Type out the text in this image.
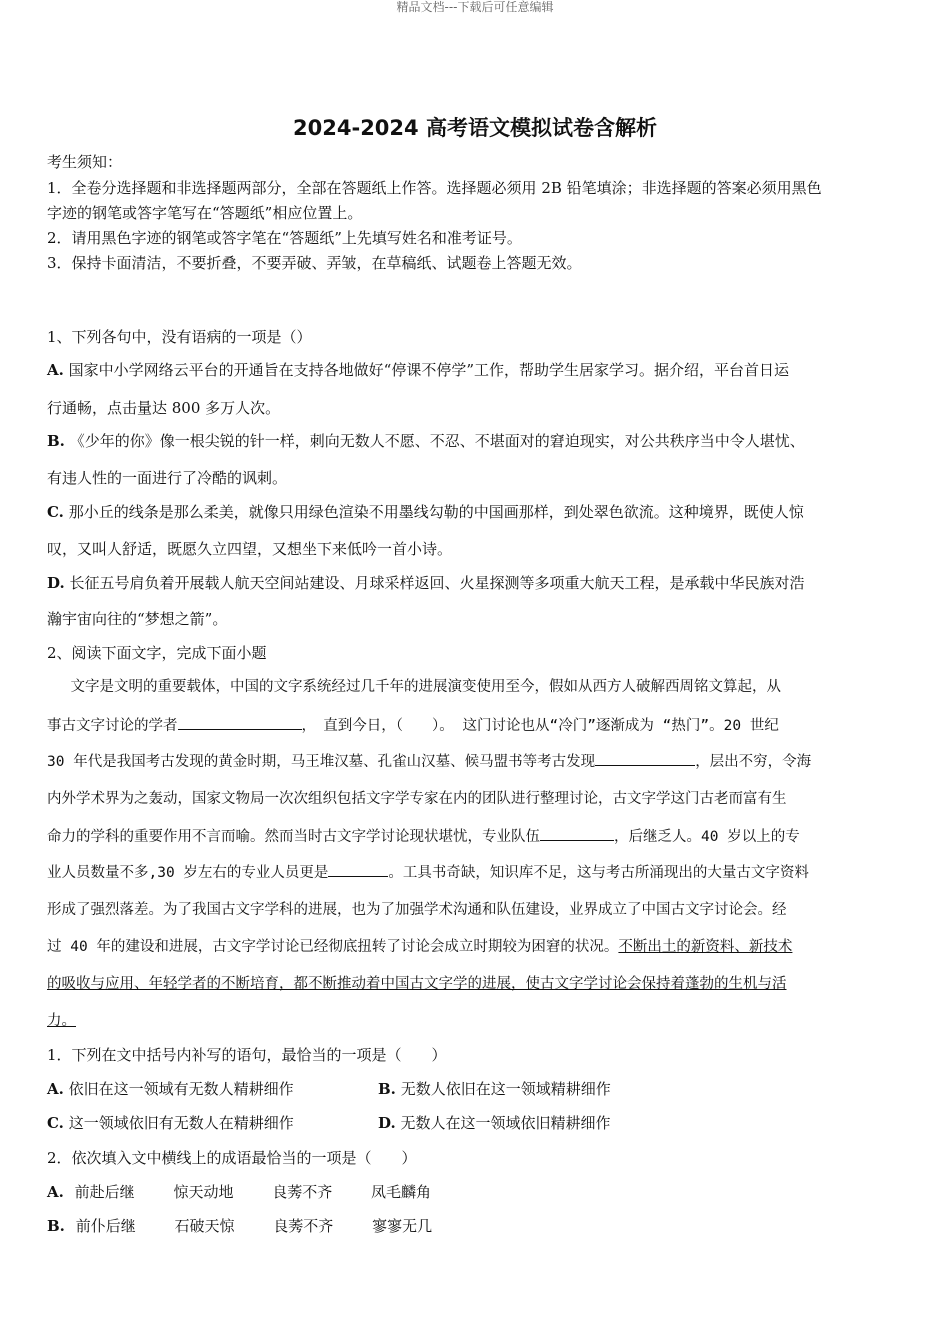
精品文档---下载后可任意编辑
2024-2024 高考语文模拟试卷含解析
考生须知：
1．全卷分选择题和非选择题两部分，全部在答题纸上作答。选择题必须用 2B 铅笔填涂；非选择题的答案必须用黑色
字迹的钢笔或答字笔写在“答题纸”相应位置上。
2．请用黑色字迹的钢笔或答字笔在“答题纸”上先填写姓名和准考证号。
3．保持卡面清洁，不要折叠，不要弄破、弄皱，在草稿纸、试题卷上答题无效。
1、下列各句中，没有语病的一项是（）
A. 国家中小学网络云平台的开通旨在支持各地做好“停课不停学”工作，帮助学生居家学习。据介绍，平台首日运
行通畅，点击量达 800 多万人次。
B. 《少年的你》像一根尖锐的针一样，刺向无数人不愿、不忍、不堪面对的窘迫现实，对公共秩序当中令人堪忧、
有违人性的一面进行了冷酷的讽刺。
C. 那小丘的线条是那么柔美，就像只用绿色渲染不用墨线勾勒的中国画那样，到处翠色欲流。这种境界，既使人惊
叹，又叫人舒适，既愿久立四望，又想坐下来低吟一首小诗。
D. 长征五号肩负着开展载人航天空间站建设、月球采样返回、火星探测等多项重大航天工程，是承载中华民族对浩
瀚宇宙向往的“梦想之箭”。
2、阅读下面文字，完成下面小题
　文字是文明的重要载体，中国的文字系统经过几千年的进展演变使用至今，假如从西方人破解西周铭文算起，从
事古文字讨论的学者	，　直到今日，（　　）。 这门讨论也从“冷门”逐渐成为 “热门”。20 世纪
30 年代是我国考古发现的黄金时期，马王堆汉墓、孔雀山汉墓、候马盟书等考古发现	，层出不穷，令海
内外学术界为之轰动，国家文物局一次次组织包括文字学专家在内的团队进行整理讨论，古文字学这门古老而富有生
命力的学科的重要作用不言而喻。然而当时古文字学讨论现状堪忧，专业队伍	，后继乏人。40 岁以上的专
业人员数量不多,30 岁左右的专业人员更是	。工具书奇缺，知识库不足，这与考古所涌现出的大量古文字资料
形成了强烈落差。为了我国古文字学科的进展，也为了加强学术沟通和队伍建设，业界成立了中国古文字讨论会。经
过 40 年的建设和进展，古文字学讨论已经彻底扭转了讨论会成立时期较为困窘的状况。不断出土的新资料、新技术
的吸收与应用、年轻学者的不断培育，都不断推动着中国古文字学的进展，使古文字学讨论会保持着蓬勃的生机与活
力。
1．下列在文中括号内补写的语句，最恰当的一项是（　　）
A. 依旧在这一领域有无数人精耕细作	B. 无数人依旧在这一领域精耕细作
C. 这一领域依旧有无数人在精耕细作	D. 无数人在这一领域依旧精耕细作
2．依次填入文中横线上的成语最恰当的一项是（　　）
A. 前赴后继	惊天动地	良莠不齐	凤毛麟角
B. 前仆后继	石破天惊	良莠不齐	寥寥无几
